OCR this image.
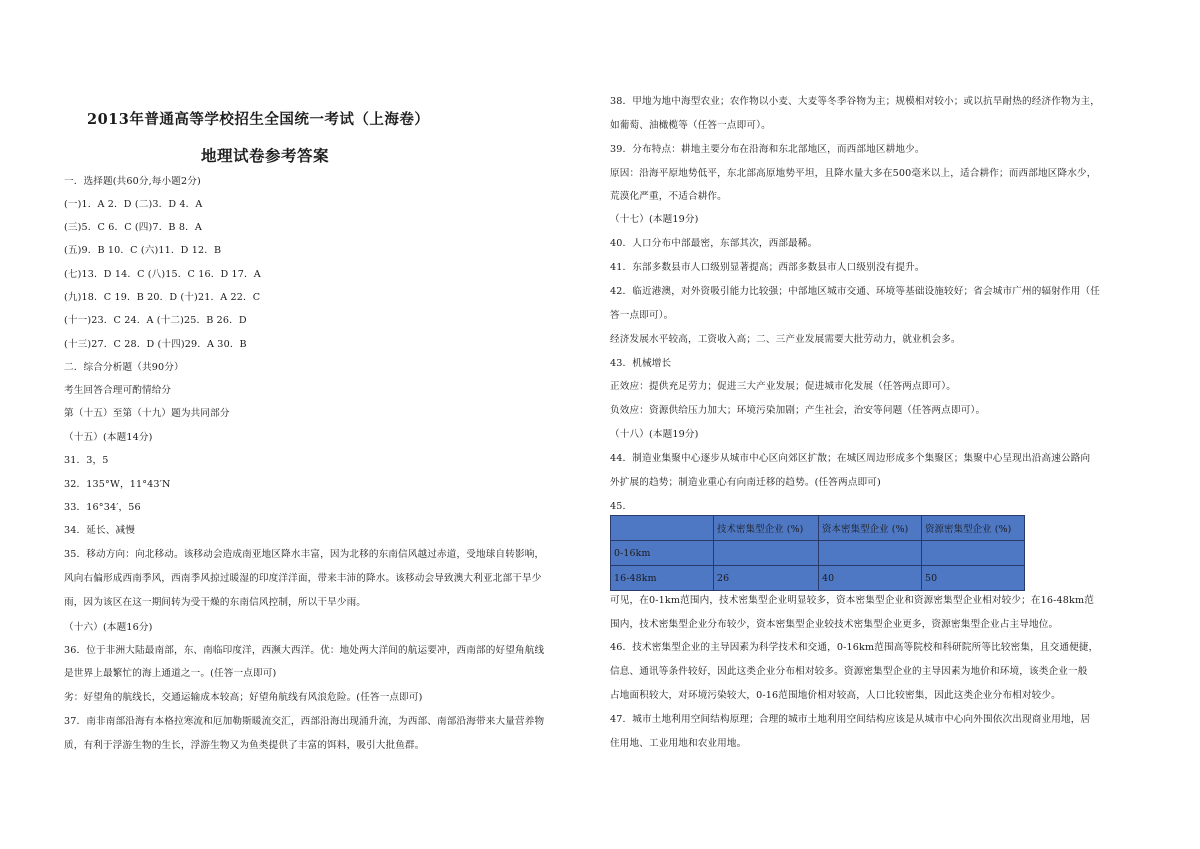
2013年普通高等学校招生全国统一考试（上海卷）
地理试卷参考答案
一．选择题(共60分,每小题2分)
(一)1．A 2．D (二)3．D 4．A
(三)5．C 6．C (四)7．B 8．A
(五)9．B 10．C (六)11．D 12．B
(七)13．D 14．C (八)15．C 16．D 17．A
(九)18．C 19．B 20．D (十)21．A 22．C
(十一)23．C 24．A (十二)25．B 26．D
(十三)27．C 28．D (十四)29．A 30．B
二．综合分析题（共90分）
考生回答合理可酌情给分
第（十五）至第（十九）题为共同部分
（十五）(本题14分)
31．3，5
32．135°W，11°43′N
33．16°34′，56
34．延长、减慢
35．移动方向：向北移动。该移动会造成南亚地区降水丰富，因为北移的东南信风越过赤道，受地球自转影响，
风向右偏形成西南季风，西南季风掠过暖湿的印度洋洋面，带来丰沛的降水。该移动会导致澳大利亚北部干旱少
雨，因为该区在这一期间转为受干燥的东南信风控制，所以干旱少雨。
（十六）(本题16分)
36．位于非洲大陆最南部，东、南临印度洋，西濒大西洋。优：地处两大洋间的航运要冲，西南部的好望角航线
是世界上最繁忙的海上通道之一。(任答一点即可)
劣：好望角的航线长，交通运输成本较高；好望角航线有风浪危险。(任答一点即可)
37．南非南部沿海有本格拉寒流和厄加勒斯暖流交汇，西部沿海出现涌升流，为西部、南部沿海带来大量营养物
质，有利于浮游生物的生长，浮游生物又为鱼类提供了丰富的饵料，吸引大批鱼群。
38．甲地为地中海型农业；农作物以小麦、大麦等冬季谷物为主；规模相对较小；或以抗旱耐热的经济作物为主，
如葡萄、油橄榄等（任答一点即可）。
39．分布特点：耕地主要分布在沿海和东北部地区，而西部地区耕地少。
原因：沿海平原地势低平，东北部高原地势平坦，且降水量大多在500毫米以上，适合耕作；而西部地区降水少，
荒漠化严重，不适合耕作。
（十七）(本题19分)
40．人口分布中部最密，东部其次，西部最稀。
41．东部多数县市人口级别显著提高；西部多数县市人口级别没有提升。
42．临近港澳，对外资吸引能力比较强；中部地区城市交通、环境等基础设施较好；省会城市广州的辐射作用（任
答一点即可）。
经济发展水平较高，工资收入高；二、三产业发展需要大批劳动力，就业机会多。
43．机械增长
正效应：提供充足劳力；促进三大产业发展；促进城市化发展（任答两点即可）。
负效应：资源供给压力加大；环境污染加剧；产生社会，治安等问题（任答两点即可）。
（十八）(本题19分)
44．制造业集聚中心逐步从城市中心区向郊区扩散；在城区周边形成多个集聚区；集聚中心呈现出沿高速公路向
外扩展的趋势；制造业重心有向南迁移的趋势。(任答两点即可)
45．
可见，在0-1km范围内，技术密集型企业明显较多，资本密集型企业和资源密集型企业相对较少；在16-48km范
围内，技术密集型企业分布较少，资本密集型企业较技术密集型企业更多，资源密集型企业占主导地位。
46．技术密集型企业的主导因素为科学技术和交通，0-16km范围高等院校和科研院所等比较密集，且交通便捷，
信息、通讯等条件较好，因此这类企业分布相对较多。资源密集型企业的主导因素为地价和环境，该类企业一般
占地面积较大，对环境污染较大，0-16范围地价相对较高，人口比较密集，因此这类企业分布相对较少。
47．城市土地利用空间结构原理；合理的城市土地利用空间结构应该是从城市中心向外围依次出现商业用地，居
住用地、工业用地和农业用地。
	技术密集型企业 (%)	资本密集型企业 (%)	资源密集型企业 (%)
0-16km			
16-48km	26	40	50
